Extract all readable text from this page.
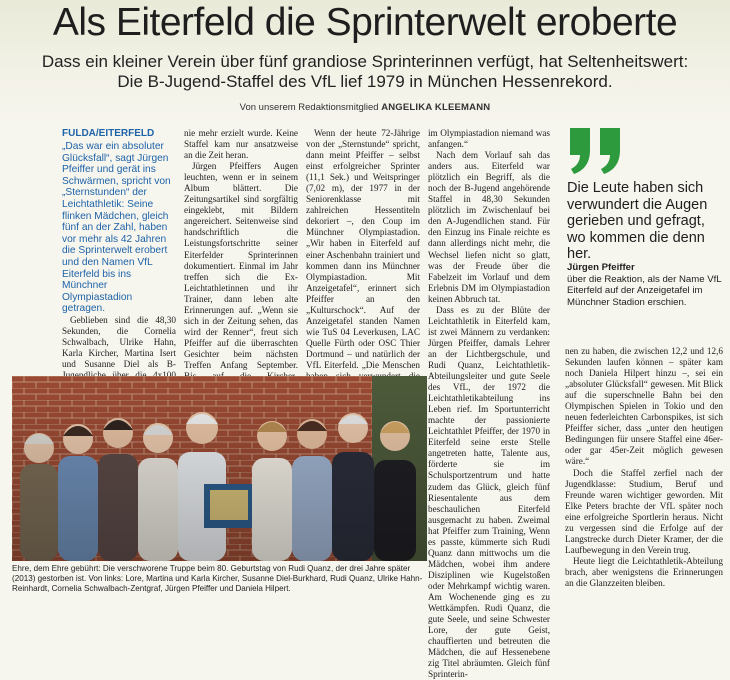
Als Eiterfeld die Sprinterwelt eroberte
Dass ein kleiner Verein über fünf grandiose Sprinterinnen verfügt, hat Seltenheitswert:
Die B-Jugend-Staffel des VfL lief 1979 in München Hessenrekord.
Von unserem Redaktionsmitglied ANGELIKA KLEEMANN
FULDA/EITERFELD

„Das war ein absoluter Glücksfall“, sagt Jürgen Pfeiffer und gerät ins Schwärmen, spricht von „Sternstunden“ der Leichtathletik: Seine flinken Mädchen, gleich fünf an der Zahl, haben vor mehr als 42 Jahren die Sprinterwelt erobert und den Namen VfL Eiterfeld bis ins Münchner Olympiastadion getragen.

Geblieben sind die 48,30 Sekunden, die Cornelia Schwalbach, Ulrike Hahn, Karla Kircher, Martina Isert und Susanne Diel als B-

nie mehr erzielt wurde. Keine Staffel kam nur ansatzweise an die Zeit heran.

Jürgen Pfeiffers Augen leuchten, wenn er in seinem Album blättert. Die Zeitungsartikel sind sorgfältig eingeklebt, mit Bildern angereichert. Seitenweise sind handschriftlich die Leistungsfortschritte seiner Eiterfelder Sprinterinnen dokumentiert. Einmal im Jahr treffen sich die Ex-Leichtathletinnen und ihr Trainer, dann leben alte Erinnerungen auf. „Wenn sie sich in der Zeitung sehen, das wird der Renner“, freut sich Pfeiffer auf die überraschten Gesichter beim nächsten Treffen Anfang September.

Wenn der heute 72-Jährige von der „Sternstunde“ spricht, dann meint Pfeiffer – selbst einst erfolgreicher Sprinter (11,1 Sek.) und Weitspringer (7,02 m), der 1977 in der Seniorenklasse mit zahlreichen Hessentiteln dekoriert –, den Coup im Münchner Olympiastadion. „Wir haben in Eiterfeld auf einer Aschenbahn trainiert und kommen dann ins Münchner Olympiastadion. Mit Anzeigetafel“, erinnert sich Pfeiffer an den „Kulturschock“. Auf der Anzeigetafel standen Namen wie TuS 04 Leverkusen, LAC Quelle Fürth oder OSC Thier Dortmund – und natürlich der VfL Eiterfeld. „Die Menschen

im Olympiastadion niemand was anfangen.“

Nach dem Vorlauf sah das anders aus. Eiterfeld war plötzlich ein Begriff, als die noch der B-Jugend angehörende Staffel in 48,30 Sekunden plötzlich im Zwischenlauf bei den A-Jugendlichen stand. Für den Einzug ins Finale reichte es dann allerdings nicht mehr, die Wechsel liefen nicht so glatt, was der Freude über die Fabelzeit im Vorlauf und dem Erlebnis DM im Olympiastadion keinen Abbruch tat.

Dass es zu der Blüte der Leichtathletik in Eiterfeld kam, ist zwei Männern zu verdanken: Jürgen Pfeiffer, damals Lehrer an der Lichtbergschule, und Rudi Quanz, Leichtathletik-Abteilungsleiter und gute Seele des VfL, der 1972 die Leichtathletikabteilung ins Leben rief. Im Sportunterricht machte der passionierte Leichtathlet Pfeiffer, der 1970 in Eiterfeld seine erste Stelle angetreten hatte, Talente aus, förderte sie im Schulsportzentrum und hatte zudem das Glück, gleich fünf Riesentalente aus dem beschaulichen Eiterfeld ausgemacht zu haben. Zweimal hat Pfeiffer zum Training, Wenn es passte, kümmerte sich Rudi Quanz dann mittwochs um die Mädchen, wobei ihm andere Disziplinen wie Kugelstoßen oder Mehrkampf wichtig waren. Am Wochenende ging es zu Wettkämpfen. Rudi Quanz, die gute Seele, und seine Schwester Lore, der gute Geist, chauffierten und betreuten die Mädchen, die auf Hessenebene zig Titel abräumten. Gleich fünf Sprinterin-

Die Leute haben sich verwundert die Augen gerieben und gefragt, wo kommen die denn her.
Jürgen Pfeiffer
über die Reaktion, als der Name VfL Eiterfeld auf der Anzeigetafel im Münchner Stadion erschien.

nen zu haben, die zwischen 12,2 und 12,6 Sekunden laufen können – später kam noch Daniela Hilpert hinzu –, sei ein „absoluter Glücksfall“ gewesen. Mit Blick auf die superschnelle Bahn bei den Olympischen Spielen in Tokio und den neuen federleichten Carbonspikes, ist sich Pfeiffer sicher, dass „unter den heutigen Bedingungen für unsere Staffel eine 46er- oder gar 45er-Zeit möglich gewesen wäre.“

Doch die Staffel zerfiel nach der Jugendklasse: Studium, Beruf und Freunde waren wichtiger geworden. Mit Elke Peters brachte der VfL später noch eine erfolgreiche Sportlerin heraus. Nicht zu vergessen sind die Erfolge auf der Langstrecke durch Dieter Kramer, der die Laufbewegung in den Verein trug.

Heute liegt die Leichtathletik-Abteilung brach, aber wenigstens die Erinnerungen an die Glanzzeiten bleiben.

Ehre, dem Ehre gebührt: Die verschworene Truppe beim 80. Geburtstag von Rudi Quanz, der drei Jahre später (2013) gestorben ist. Von links: Lore, Martina und Karla Kircher, Susanne Diel-Burkhard, Rudi Quanz, Ulrike Hahn-Reinhardt, Cornelia Schwalbach-Zentgraf, Jürgen Pfeiffer und Daniela Hilpert.
